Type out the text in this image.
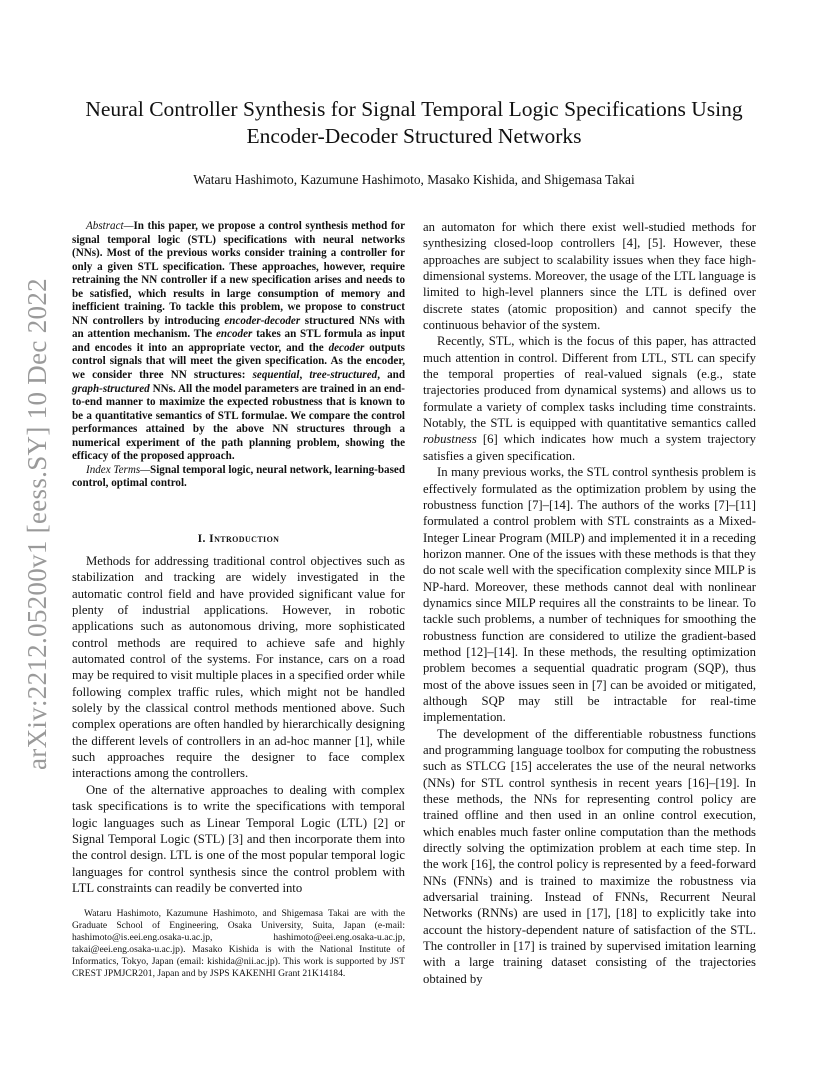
arXiv:2212.05200v1 [eess.SY] 10 Dec 2022
Neural Controller Synthesis for Signal Temporal Logic Specifications Using Encoder-Decoder Structured Networks

Wataru Hashimoto, Kazumune Hashimoto, Masako Kishida, and Shigemasa Takai

Abstract—In this paper, we propose a control synthesis method for signal temporal logic (STL) specifications with neural networks (NNs). Most of the previous works consider training a controller for only a given STL specification. These approaches, however, require retraining the NN controller if a new specification arises and needs to be satisfied, which results in large consumption of memory and inefficient training. To tackle this problem, we propose to construct NN controllers by introducing encoder-decoder structured NNs with an attention mechanism. The encoder takes an STL formula as input and encodes it into an appropriate vector, and the decoder outputs control signals that will meet the given specification. As the encoder, we consider three NN structures: sequential, tree-structured, and graph-structured NNs. All the model parameters are trained in an end-to-end manner to maximize the expected robustness that is known to be a quantitative semantics of STL formulae. We compare the control performances attained by the above NN structures through a numerical experiment of the path planning problem, showing the efficacy of the proposed approach.

Index Terms—Signal temporal logic, neural network, learning-based control, optimal control.

I. Introduction

Methods for addressing traditional control objectives such as stabilization and tracking are widely investigated in the automatic control field and have provided significant value for plenty of industrial applications. However, in robotic applications such as autonomous driving, more sophisticated control methods are required to achieve safe and highly automated control of the systems. For instance, cars on a road may be required to visit multiple places in a specified order while following complex traffic rules, which might not be handled solely by the classical control methods mentioned above. Such complex operations are often handled by hierarchically designing the different levels of controllers in an ad-hoc manner [1], while such approaches require the designer to face complex interactions among the controllers.

One of the alternative approaches to dealing with complex task specifications is to write the specifications with temporal logic languages such as Linear Temporal Logic (LTL) [2] or Signal Temporal Logic (STL) [3] and then incorporate them into the control design. LTL is one of the most popular temporal logic languages for control synthesis since the control problem with LTL constraints can readily be converted into

Wataru Hashimoto, Kazumune Hashimoto, and Shigemasa Takai are with the Graduate School of Engineering, Osaka University, Suita, Japan (e-mail: hashimoto@is.eei.eng.osaka-u.ac.jp, hashimoto@eei.eng.osaka-u.ac.jp, takai@eei.eng.osaka-u.ac.jp). Masako Kishida is with the National Institute of Informatics, Tokyo, Japan (email: kishida@nii.ac.jp). This work is supported by JST CREST JPMJCR201, Japan and by JSPS KAKENHI Grant 21K14184.

an automaton for which there exist well-studied methods for synthesizing closed-loop controllers [4], [5]. However, these approaches are subject to scalability issues when they face high-dimensional systems. Moreover, the usage of the LTL language is limited to high-level planners since the LTL is defined over discrete states (atomic proposition) and cannot specify the continuous behavior of the system.

Recently, STL, which is the focus of this paper, has attracted much attention in control. Different from LTL, STL can specify the temporal properties of real-valued signals (e.g., state trajectories produced from dynamical systems) and allows us to formulate a variety of complex tasks including time constraints. Notably, the STL is equipped with quantitative semantics called robustness [6] which indicates how much a system trajectory satisfies a given specification.

In many previous works, the STL control synthesis problem is effectively formulated as the optimization problem by using the robustness function [7]–[14]. The authors of the works [7]–[11] formulated a control problem with STL constraints as a Mixed-Integer Linear Program (MILP) and implemented it in a receding horizon manner. One of the issues with these methods is that they do not scale well with the specification complexity since MILP is NP-hard. Moreover, these methods cannot deal with nonlinear dynamics since MILP requires all the constraints to be linear. To tackle such problems, a number of techniques for smoothing the robustness function are considered to utilize the gradient-based method [12]–[14]. In these methods, the resulting optimization problem becomes a sequential quadratic program (SQP), thus most of the above issues seen in [7] can be avoided or mitigated, although SQP may still be intractable for real-time implementation.

The development of the differentiable robustness functions and programming language toolbox for computing the robustness such as STLCG [15] accelerates the use of the neural networks (NNs) for STL control synthesis in recent years [16]–[19]. In these methods, the NNs for representing control policy are trained offline and then used in an online control execution, which enables much faster online computation than the methods directly solving the optimization problem at each time step. In the work [16], the control policy is represented by a feed-forward NNs (FNNs) and is trained to maximize the robustness via adversarial training. Instead of FNNs, Recurrent Neural Networks (RNNs) are used in [17], [18] to explicitly take into account the history-dependent nature of satisfaction of the STL. The controller in [17] is trained by supervised imitation learning with a large training dataset consisting of the trajectories obtained by
